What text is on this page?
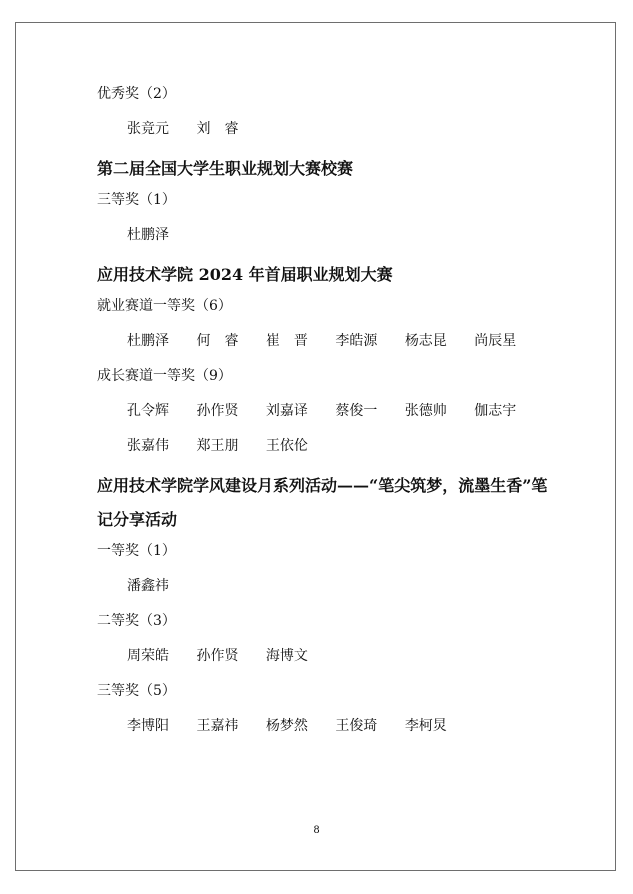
优秀奖（2）
张竞元 刘　睿
第二届全国大学生职业规划大赛校赛
三等奖（1）
杜鹏泽
应用技术学院 2024 年首届职业规划大赛
就业赛道一等奖（6）
杜鹏泽 何　睿 崔　晋 李皓源 杨志昆 尚辰星
成长赛道一等奖（9）
孔令辉 孙作贤 刘嘉译 蔡俊一 张德帅 伽志宇
张嘉伟 郑王朋 王依伦
应用技术学院学风建设月系列活动——“笔尖筑梦，流墨生香”笔记分享活动
一等奖（1）
潘鑫祎
二等奖（3）
周荣皓 孙作贤 海博文
三等奖（5）
李博阳 王嘉祎 杨梦然 王俊琦 李柯炅
8
